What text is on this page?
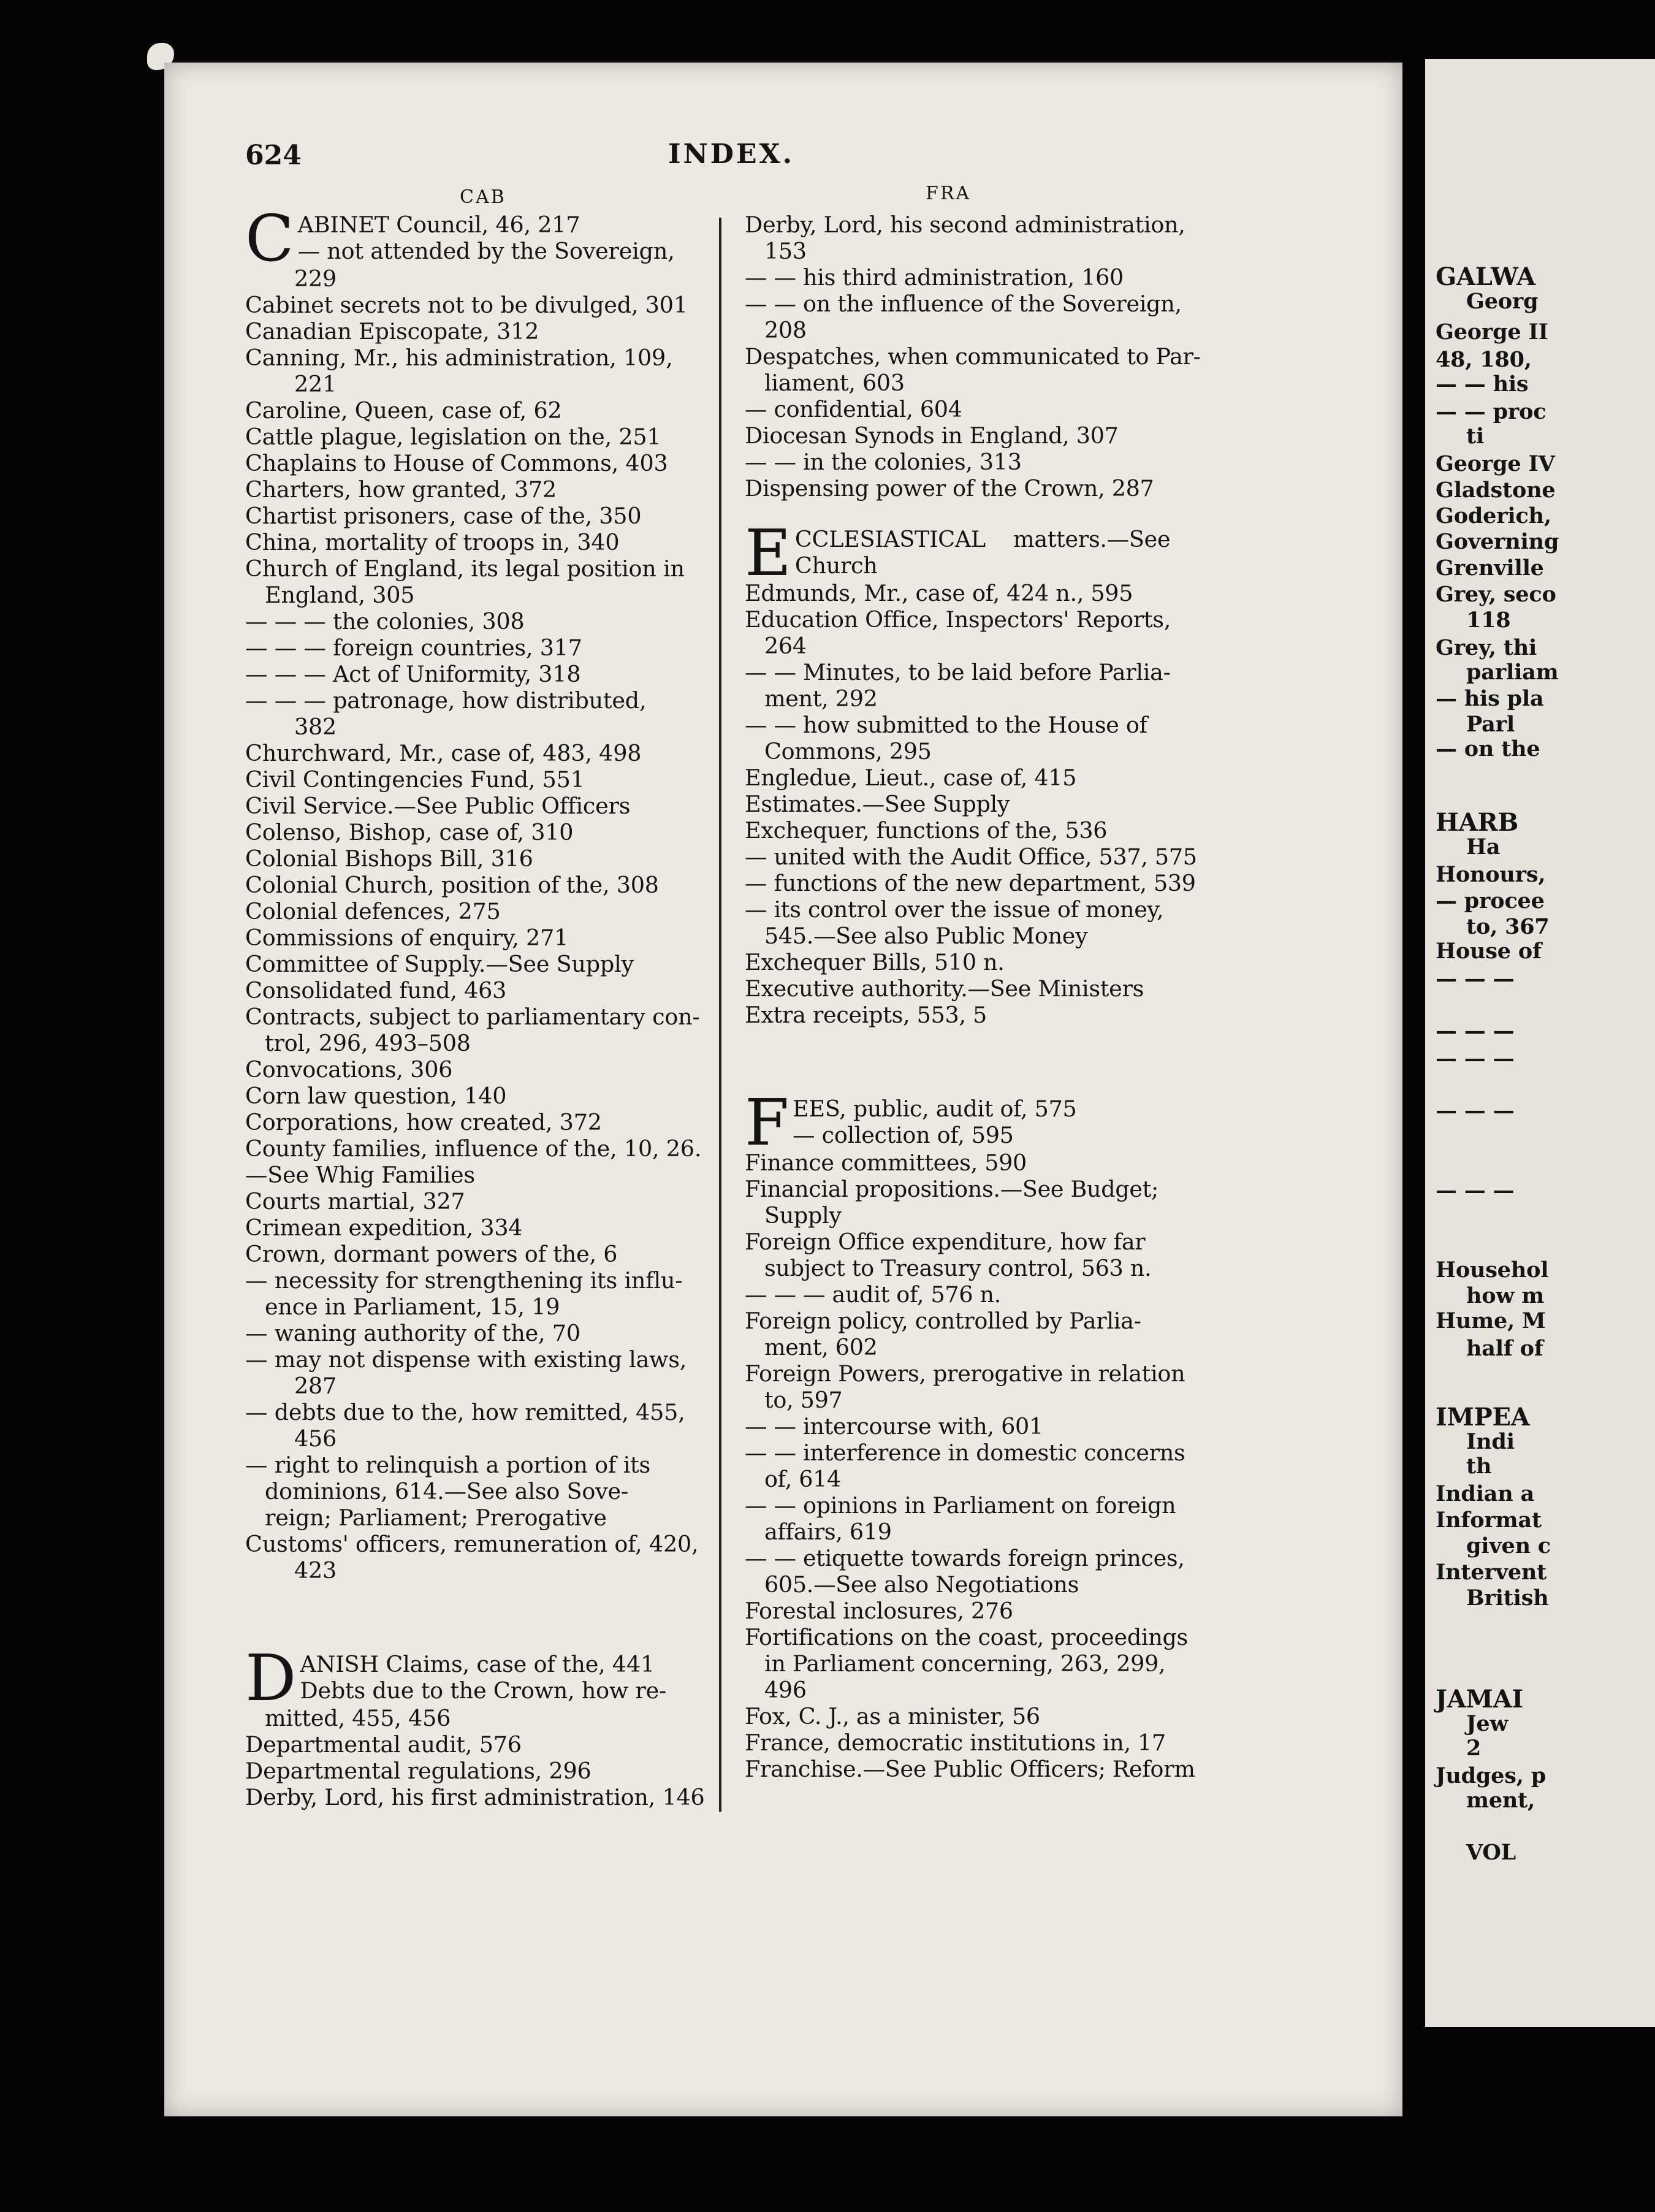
624	INDEX.
CAB	FRA
C ABINET Council, 46, 217
— not attended by the Sovereign,
229
Cabinet secrets not to be divulged, 301
Canadian Episcopate, 312
Canning, Mr., his administration, 109,
221
Caroline, Queen, case of, 62
Cattle plague, legislation on the, 251
Chaplains to House of Commons, 403
Charters, how granted, 372
Chartist prisoners, case of the, 350
China, mortality of troops in, 340
Church of England, its legal position in
England, 305
— — — the colonies, 308
— — — foreign countries, 317
— — — Act of Uniformity, 318
— — — patronage, how distributed,
382
Churchward, Mr., case of, 483, 498
Civil Contingencies Fund, 551
Civil Service.—See Public Officers
Colenso, Bishop, case of, 310
Colonial Bishops Bill, 316
Colonial Church, position of the, 308
Colonial defences, 275
Commissions of enquiry, 271
Committee of Supply.—See Supply
Consolidated fund, 463
Contracts, subject to parliamentary con-
trol, 296, 493–508
Convocations, 306
Corn law question, 140
Corporations, how created, 372
County families, influence of the, 10, 26.
—See Whig Families
Courts martial, 327
Crimean expedition, 334
Crown, dormant powers of the, 6
— necessity for strengthening its influ-
ence in Parliament, 15, 19
— waning authority of the, 70
— may not dispense with existing laws,
287
— debts due to the, how remitted, 455,
456
— right to relinquish a portion of its
dominions, 614.—See also Sove-
reign; Parliament; Prerogative
Customs' officers, remuneration of, 420,
423
D ANISH Claims, case of the, 441
Debts due to the Crown, how re-
mitted, 455, 456
Departmental audit, 576
Departmental regulations, 296
Derby, Lord, his first administration, 146
Derby, Lord, his second administration,
153
— — his third administration, 160
— — on the influence of the Sovereign,
208
Despatches, when communicated to Par-
liament, 603
— confidential, 604
Diocesan Synods in England, 307
— — in the colonies, 313
Dispensing power of the Crown, 287
E CCLESIASTICAL    matters.—See
Church
Edmunds, Mr., case of, 424 n., 595
Education Office, Inspectors' Reports,
264
— — Minutes, to be laid before Parlia-
ment, 292
— — how submitted to the House of
Commons, 295
Engledue, Lieut., case of, 415
Estimates.—See Supply
Exchequer, functions of the, 536
— united with the Audit Office, 537, 575
— functions of the new department, 539
— its control over the issue of money,
545.—See also Public Money
Exchequer Bills, 510 n.
Executive authority.—See Ministers
Extra receipts, 553, 5
F EES, public, audit of, 575
— collection of, 595
Finance committees, 590
Financial propositions.—See Budget;
Supply
Foreign Office expenditure, how far
subject to Treasury control, 563 n.
— — — audit of, 576 n.
Foreign policy, controlled by Parlia-
ment, 602
Foreign Powers, prerogative in relation
to, 597
— — intercourse with, 601
— — interference in domestic concerns
of, 614
— — opinions in Parliament on foreign
affairs, 619
— — etiquette towards foreign princes,
605.—See also Negotiations
Forestal inclosures, 276
Fortifications on the coast, proceedings
in Parliament concerning, 263, 299,
496
Fox, C. J., as a minister, 56
France, democratic institutions in, 17
Franchise.—See Public Officers; Reform
GALWA
Georg
George II
48, 180,
— — his
— — proc
ti
George IV
Gladstone
Goderich,
Governing
Grenville
Grey, seco
118
Grey, thi
parliam
— his pla
Parl
— on the
HARB
Ha
Honours,
— procee
to, 367
House of
— — —
— — —
— — —
— — —
— — —
Househol
how m
Hume, M
half of
IMPEA
Indi
th
Indian a
Informat
given c
Intervent
British
JAMAI
Jew
2
Judges, p
ment,
VOL
